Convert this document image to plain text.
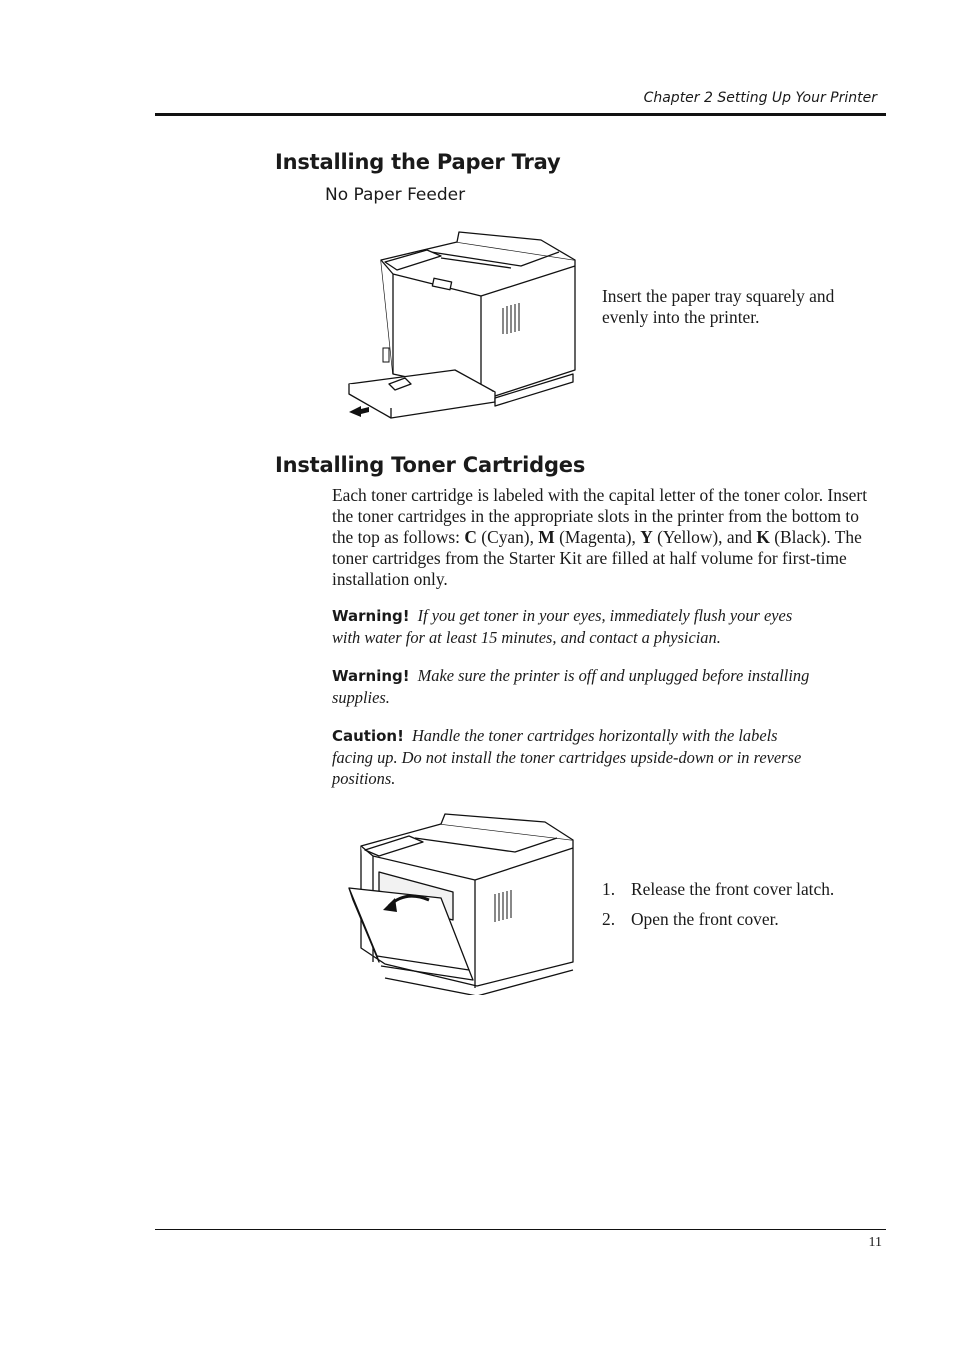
Chapter 2 Setting Up Your Printer
Installing the Paper Tray
No Paper Feeder
Insert the paper tray squarely and evenly into the printer.
Installing Toner Cartridges
Each toner cartridge is labeled with the capital letter of the toner color. Insert the toner cartridges in the appropriate slots in the printer from the bottom to the top as follows: C (Cyan), M (Magenta), Y (Yellow), and K (Black). The toner cartridges from the Starter Kit are filled at half volume for first-time installation only.
Warning! If you get toner in your eyes, immediately flush your eyes with water for at least 15 minutes, and contact a physician.
Warning! Make sure the printer is off and unplugged before installing supplies.
Caution! Handle the toner cartridges horizontally with the labels facing up. Do not install the toner cartridges upside-down or in reverse positions.
1. Release the front cover latch.
2. Open the front cover.
11
